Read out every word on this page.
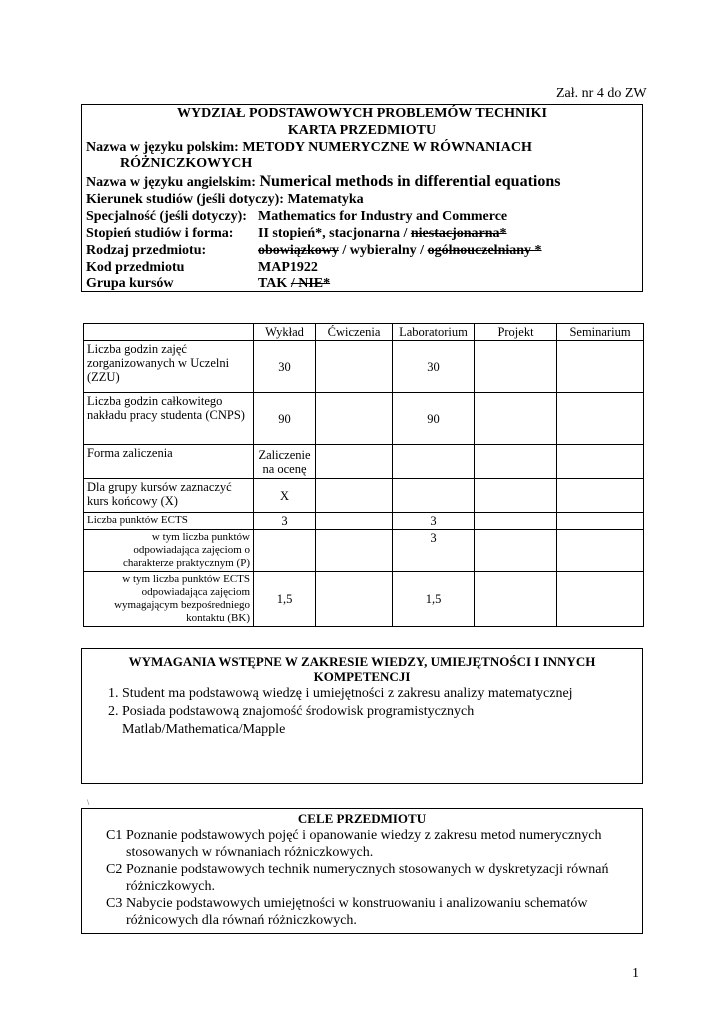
Zał. nr 4 do ZW
WYDZIAŁ PODSTAWOWYCH PROBLEMÓW TECHNIKI
KARTA PRZEDMIOTU
Nazwa w języku polskim: METODY NUMERYCZNE W RÓWNANIACH
RÓŻNICZKOWYCH
Nazwa w języku angielskim: Numerical methods in differential equations
Kierunek studiów (jeśli dotyczy): Matematyka
Specjalność (jeśli dotyczy): Mathematics for Industry and Commerce
Stopień studiów i forma: II stopień*, stacjonarna / niestacjonarna*
Rodzaj przedmiotu:	obowiązkowy / wybieralny / ogólnouczelniany *
Kod przedmiotu	MAP1922
Grupa kursów	TAK / NIE*
	Wykład	Ćwiczenia	Laboratorium	Projekt	Seminarium
Liczba godzin zajęć zorganizowanych w Uczelni (ZZU)	30		30		
Liczba godzin całkowitego nakładu pracy studenta (CNPS)	90		90		
Forma zaliczenia	Zaliczenie na ocenę				
Dla grupy kursów zaznaczyć kurs końcowy (X)	X				
Liczba punktów ECTS	3		3		
w tym liczba punktów odpowiadająca zajęciom o charakterze praktycznym (P)			3		
w tym liczba punktów ECTS odpowiadająca zajęciom wymagającym bezpośredniego kontaktu (BK)	1,5		1,5		
WYMAGANIA WSTĘPNE W ZAKRESIE WIEDZY, UMIEJĘTNOŚCI I INNYCH KOMPETENCJI
1. Student ma podstawową wiedzę i umiejętności z zakresu analizy matematycznej
2. Posiada podstawową znajomość środowisk programistycznych Matlab/Mathematica/Mapple
\
CELE PRZEDMIOTU
C1 Poznanie podstawowych pojęć i opanowanie wiedzy z zakresu metod numerycznych stosowanych w równaniach różniczkowych.
C2 Poznanie podstawowych technik numerycznych stosowanych w dyskretyzacji równań różniczkowych.
C3 Nabycie podstawowych umiejętności w konstruowaniu i analizowaniu schematów różnicowych dla równań różniczkowych.
1
